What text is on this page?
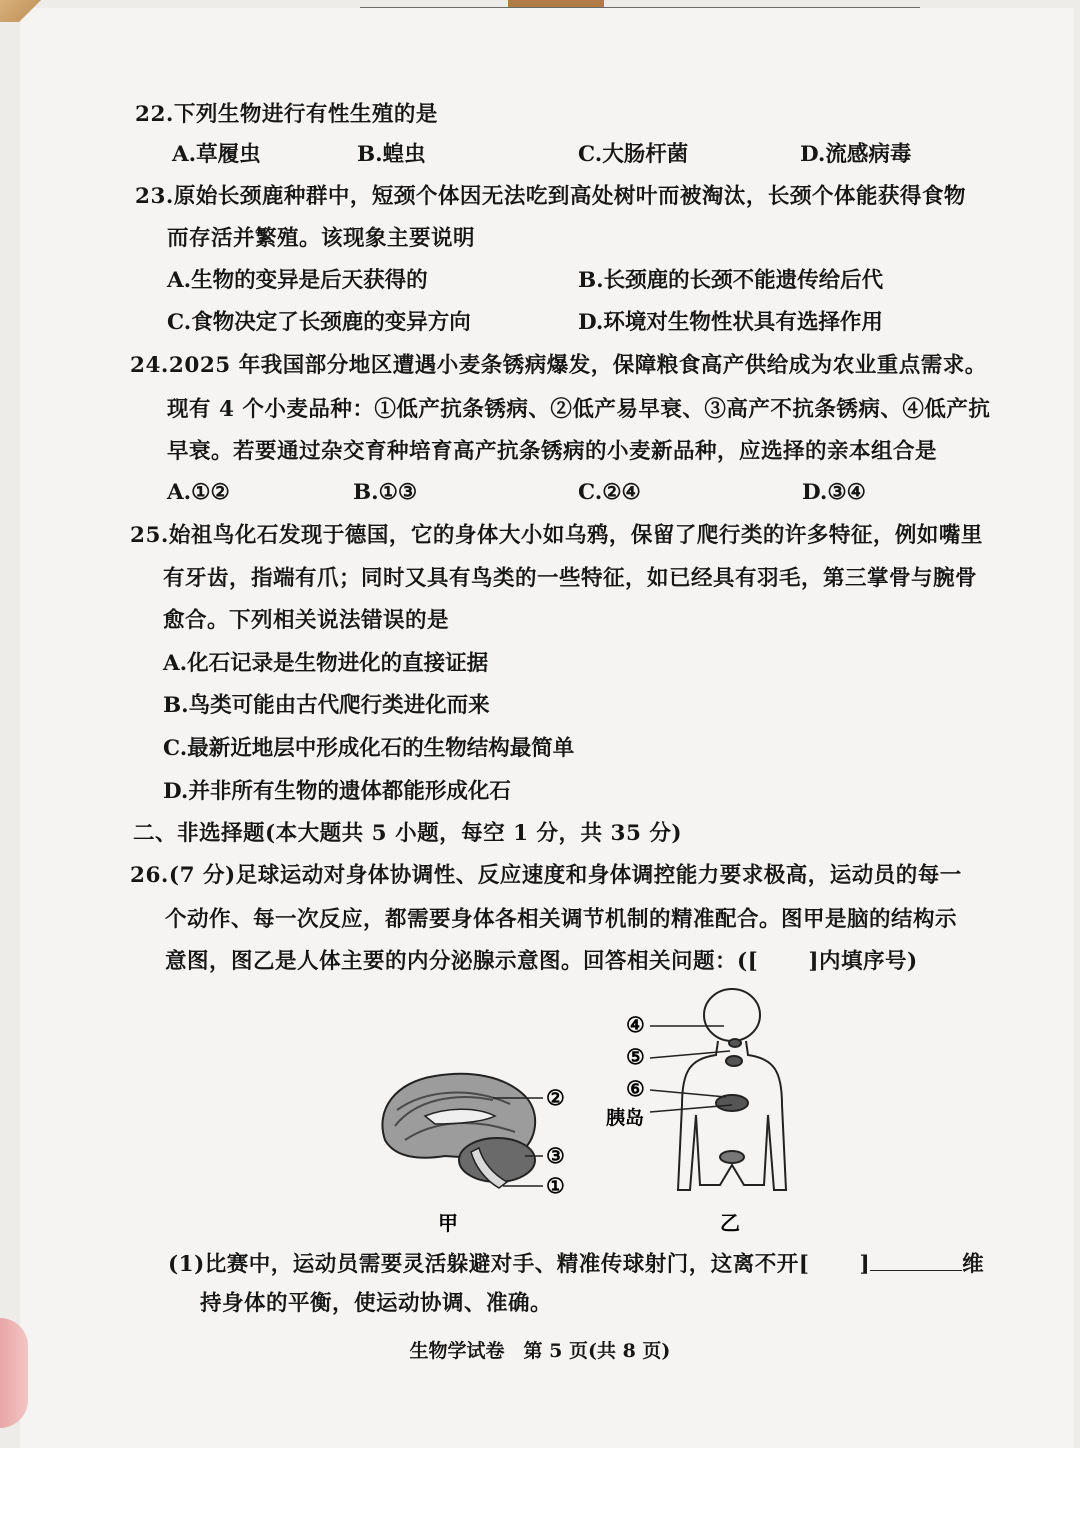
22.下列生物进行有性生殖的是
A.草履虫	B.蝗虫	C.大肠杆菌	D.流感病毒
23.原始长颈鹿种群中，短颈个体因无法吃到高处树叶而被淘汰，长颈个体能获得食物
而存活并繁殖。该现象主要说明
A.生物的变异是后天获得的	B.长颈鹿的长颈不能遗传给后代
C.食物决定了长颈鹿的变异方向	D.环境对生物性状具有选择作用
24.2025 年我国部分地区遭遇小麦条锈病爆发，保障粮食高产供给成为农业重点需求。
现有 4 个小麦品种：①低产抗条锈病、②低产易早衰、③高产不抗条锈病、④低产抗
早衰。若要通过杂交育种培育高产抗条锈病的小麦新品种，应选择的亲本组合是
A.①②	B.①③	C.②④	D.③④
25.始祖鸟化石发现于德国，它的身体大小如乌鸦，保留了爬行类的许多特征，例如嘴里
有牙齿，指端有爪；同时又具有鸟类的一些特征，如已经具有羽毛，第三掌骨与腕骨
愈合。下列相关说法错误的是
A.化石记录是生物进化的直接证据
B.鸟类可能由古代爬行类进化而来
C.最新近地层中形成化石的生物结构最简单
D.并非所有生物的遗体都能形成化石
二、非选择题(本大题共 5 小题，每空 1 分，共 35 分)
26.(7 分)足球运动对身体协调性、反应速度和身体调控能力要求极高，运动员的每一
个动作、每一次反应，都需要身体各相关调节机制的精准配合。图甲是脑的结构示
意图，图乙是人体主要的内分泌腺示意图。回答相关问题：([ ]内填序号)
②
③
①
甲
④
⑤
⑥
胰岛
乙
(1)比赛中，运动员需要灵活躲避对手、精准传球射门，这离不开[ ]	维
持身体的平衡，使运动协调、准确。
生物学试卷　第 5 页(共 8 页)
